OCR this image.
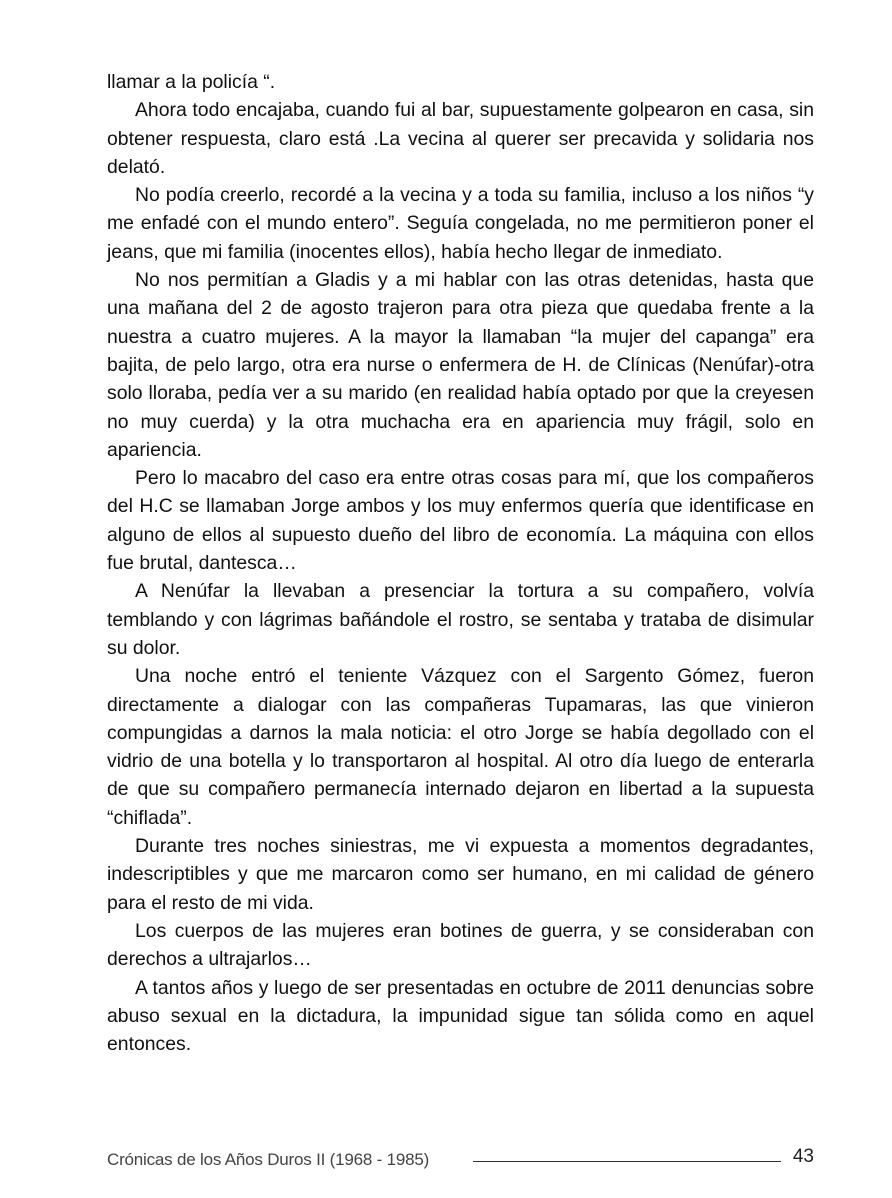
llamar a la policía “.

Ahora todo encajaba, cuando fui al bar, supuestamente golpearon en casa, sin obtener respuesta, claro está .La vecina al querer ser precavida y solidaria nos delató.

No podía creerlo, recordé a la vecina y a toda su familia, incluso a los niños “y me enfadé con el mundo entero”. Seguía congelada, no me permitieron poner el jeans, que mi familia (inocentes ellos), había hecho llegar de inmediato.

No nos permitían a Gladis y a mi hablar con las otras detenidas, hasta que una mañana del 2 de agosto trajeron para otra pieza que quedaba frente a la nuestra a cuatro mujeres. A la mayor la llamaban “la mujer del capanga” era bajita, de pelo largo, otra era nurse o enfermera de H. de Clínicas (Nenúfar)-otra solo lloraba, pedía ver a su marido (en realidad había optado por que la creyesen no muy cuerda) y la otra muchacha era en apariencia muy frágil, solo en apariencia.

Pero lo macabro del caso era entre otras cosas para mí, que los compañeros del H.C se llamaban Jorge ambos y los muy enfermos quería que identificase en alguno de ellos al supuesto dueño del libro de economía. La máquina con ellos fue brutal, dantesca…

A Nenúfar la llevaban a presenciar la tortura a su compañero, volvía temblando y con lágrimas bañándole el rostro, se sentaba y trataba de disimular su dolor.

Una noche entró el teniente Vázquez con el Sargento Gómez, fueron directamente a dialogar con las compañeras Tupamaras, las que vinieron compungidas a darnos la mala noticia: el otro Jorge se había degollado con el vidrio de una botella y lo transportaron al hospital. Al otro día luego de enterarla de que su compañero permanecía internado dejaron en libertad a la supuesta “chiflada”.

Durante tres noches siniestras, me vi expuesta a momentos degradantes, indescriptibles y que me marcaron como ser humano, en mi calidad de género para el resto de mi vida.

Los cuerpos de las mujeres eran botines de guerra, y se consideraban con derechos a ultrajarlos…

A tantos años y luego de ser presentadas en octubre de 2011 denuncias sobre abuso sexual en la dictadura, la impunidad sigue tan sólida como en aquel entonces.

Crónicas de los Años Duros II (1968 - 1985)	43
